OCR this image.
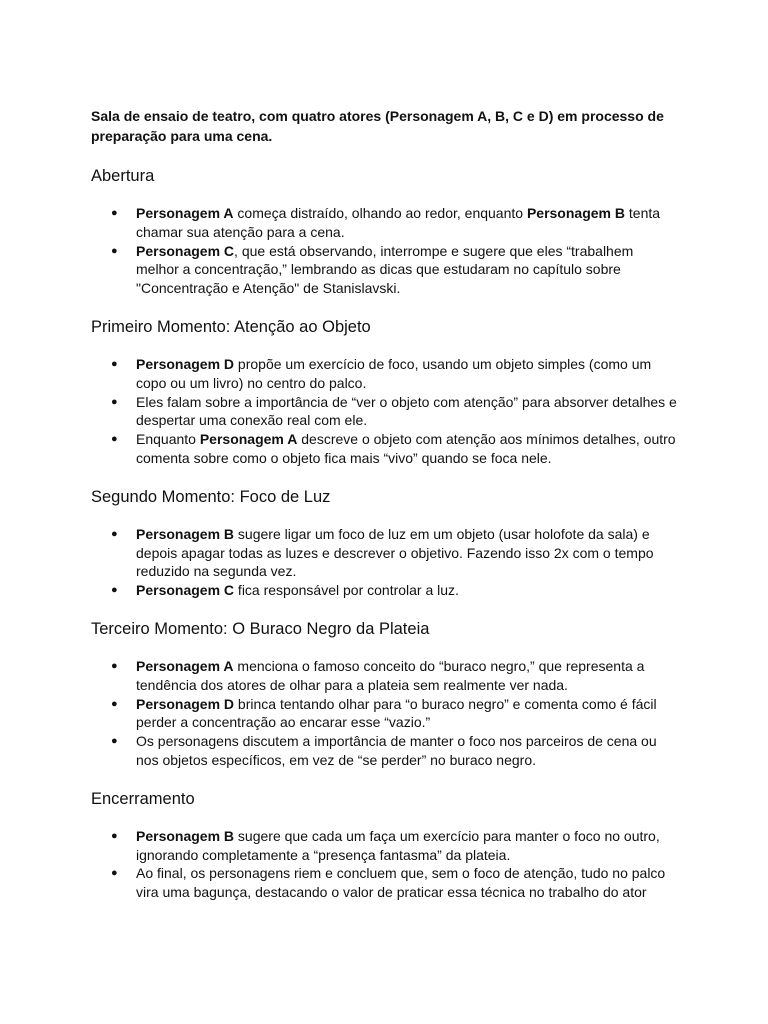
Sala de ensaio de teatro, com quatro atores (Personagem A, B, C e D) em processo de preparação para uma cena.

Abertura
● Personagem A começa distraído, olhando ao redor, enquanto Personagem B tenta chamar sua atenção para a cena.
● Personagem C, que está observando, interrompe e sugere que eles “trabalhem melhor a concentração,” lembrando as dicas que estudaram no capítulo sobre "Concentração e Atenção" de Stanislavski.
Primeiro Momento: Atenção ao Objeto
● Personagem D propõe um exercício de foco, usando um objeto simples (como um copo ou um livro) no centro do palco.
● Eles falam sobre a importância de “ver o objeto com atenção” para absorver detalhes e despertar uma conexão real com ele.
● Enquanto Personagem A descreve o objeto com atenção aos mínimos detalhes, outro comenta sobre como o objeto fica mais “vivo” quando se foca nele.
Segundo Momento: Foco de Luz
● Personagem B sugere ligar um foco de luz em um objeto (usar holofote da sala) e depois apagar todas as luzes e descrever o objetivo. Fazendo isso 2x com o tempo reduzido na segunda vez.
● Personagem C fica responsável por controlar a luz.
Terceiro Momento: O Buraco Negro da Plateia
● Personagem A menciona o famoso conceito do “buraco negro,” que representa a tendência dos atores de olhar para a plateia sem realmente ver nada.
● Personagem D brinca tentando olhar para “o buraco negro” e comenta como é fácil perder a concentração ao encarar esse “vazio.”
● Os personagens discutem a importância de manter o foco nos parceiros de cena ou nos objetos específicos, em vez de “se perder” no buraco negro.
Encerramento
● Personagem B sugere que cada um faça um exercício para manter o foco no outro, ignorando completamente a “presença fantasma” da plateia.
● Ao final, os personagens riem e concluem que, sem o foco de atenção, tudo no palco vira uma bagunça, destacando o valor de praticar essa técnica no trabalho do ator
